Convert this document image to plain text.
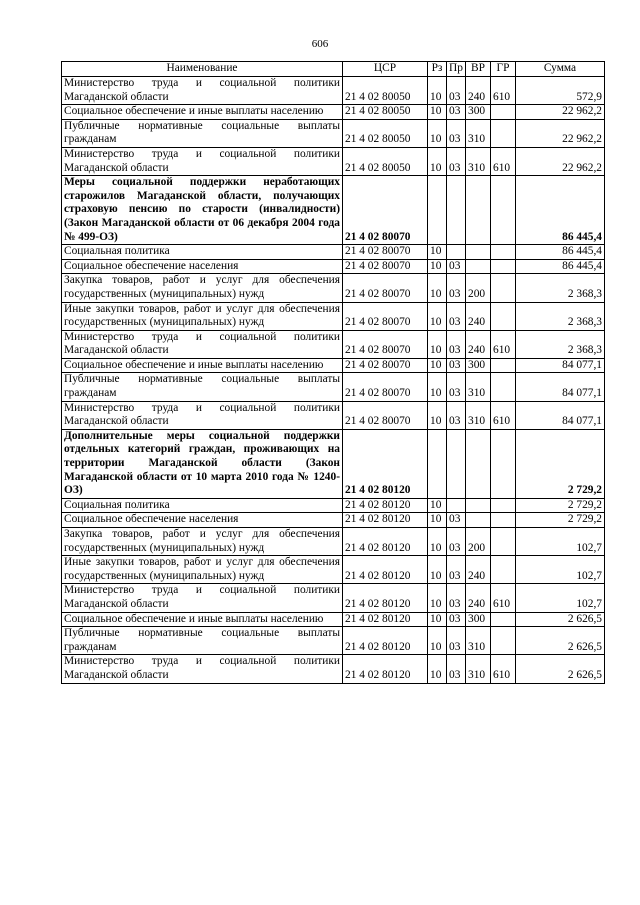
606
Наименование	ЦСР	Рз	Пр	ВР	ГР	Сумма
Министерство труда и социальной политики Магаданской области	21 4 02 80050	10	03	240	610	572,9
Социальное обеспечение и иные выплаты населению	21 4 02 80050	10	03	300		22 962,2
Публичные нормативные социальные выплаты гражданам	21 4 02 80050	10	03	310		22 962,2
Министерство труда и социальной политики Магаданской области	21 4 02 80050	10	03	310	610	22 962,2
Меры социальной поддержки неработающих старожилов Магаданской области, получающих страховую пенсию по старости (инвалидности) (Закон Магаданской области от 06 декабря 2004 года № 499-ОЗ)	21 4 02 80070					86 445,4
Социальная политика	21 4 02 80070	10				86 445,4
Социальное обеспечение населения	21 4 02 80070	10	03			86 445,4
Закупка товаров, работ и услуг для обеспечения государственных (муниципальных) нужд	21 4 02 80070	10	03	200		2 368,3
Иные закупки товаров, работ и услуг для обеспечения государственных (муниципальных) нужд	21 4 02 80070	10	03	240		2 368,3
Министерство труда и социальной политики Магаданской области	21 4 02 80070	10	03	240	610	2 368,3
Социальное обеспечение и иные выплаты населению	21 4 02 80070	10	03	300		84 077,1
Публичные нормативные социальные выплаты гражданам	21 4 02 80070	10	03	310		84 077,1
Министерство труда и социальной политики Магаданской области	21 4 02 80070	10	03	310	610	84 077,1
Дополнительные меры социальной поддержки отдельных категорий граждан, проживающих на территории Магаданской области (Закон Магаданской области от 10 марта 2010 года № 1240-ОЗ)	21 4 02 80120					2 729,2
Социальная политика	21 4 02 80120	10				2 729,2
Социальное обеспечение населения	21 4 02 80120	10	03			2 729,2
Закупка товаров, работ и услуг для обеспечения государственных (муниципальных) нужд	21 4 02 80120	10	03	200		102,7
Иные закупки товаров, работ и услуг для обеспечения государственных (муниципальных) нужд	21 4 02 80120	10	03	240		102,7
Министерство труда и социальной политики Магаданской области	21 4 02 80120	10	03	240	610	102,7
Социальное обеспечение и иные выплаты населению	21 4 02 80120	10	03	300		2 626,5
Публичные нормативные социальные выплаты гражданам	21 4 02 80120	10	03	310		2 626,5
Министерство труда и социальной политики Магаданской области	21 4 02 80120	10	03	310	610	2 626,5
